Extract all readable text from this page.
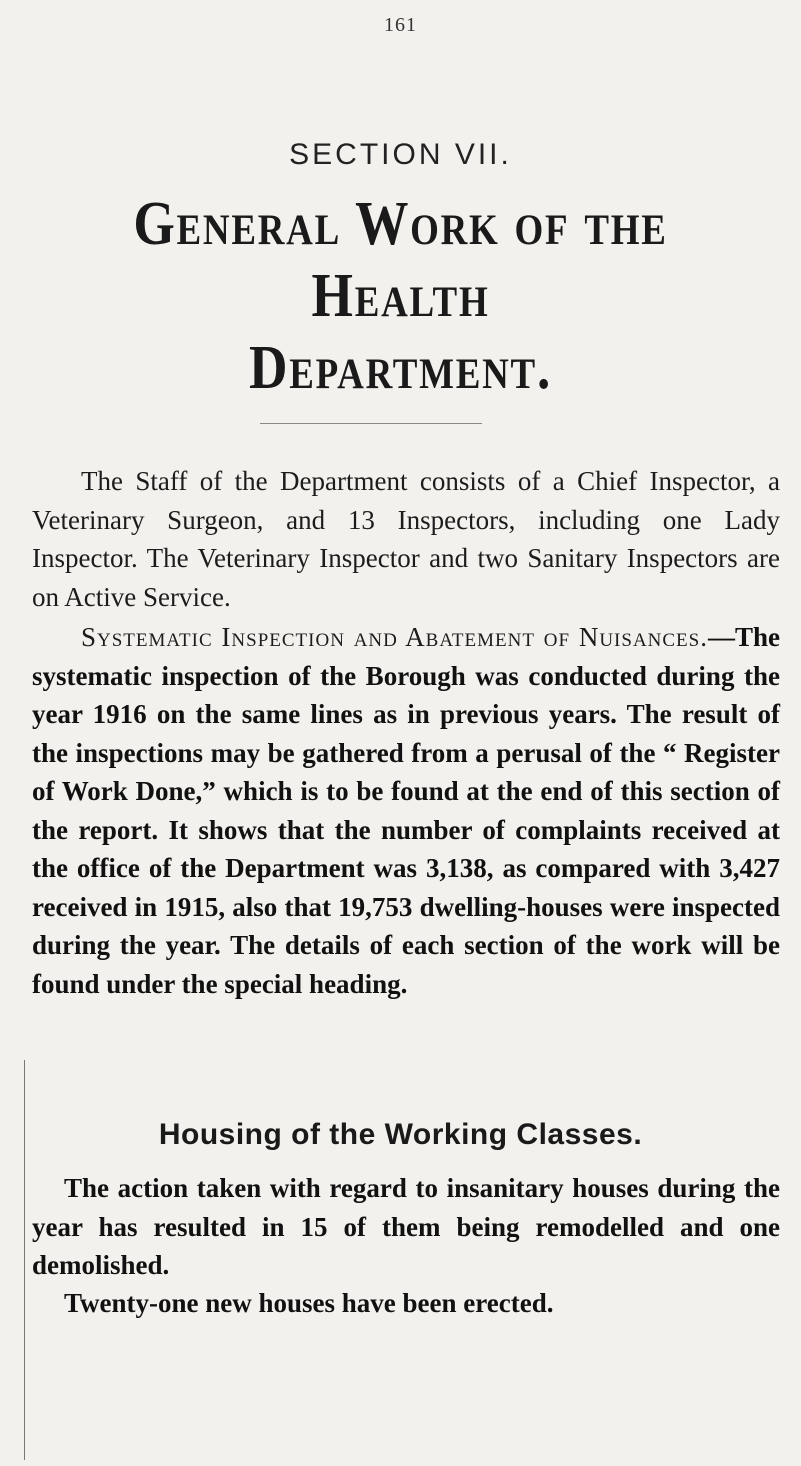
161
SECTION VII.
General Work of the Health
Department.

The Staff of the Department consists of a Chief Inspector, a Veterinary Surgeon, and 13 Inspectors, including one Lady Inspector. The Veterinary Inspector and two Sanitary Inspectors are on Active Service.

Systematic Inspection and Abatement of Nuisances.—The systematic inspection of the Borough was conducted during the year 1916 on the same lines as in previous years. The result of the inspections may be gathered from a perusal of the “ Register of Work Done,” which is to be found at the end of this section of the report. It shows that the number of complaints received at the office of the Department was 3,138, as compared with 3,427 received in 1915, also that 19,753 dwelling-houses were inspected during the year. The details of each section of the work will be found under the special heading.

Housing of the Working Classes.

The action taken with regard to insanitary houses during the year has resulted in 15 of them being remodelled and one demolished.

Twenty-one new houses have been erected.
